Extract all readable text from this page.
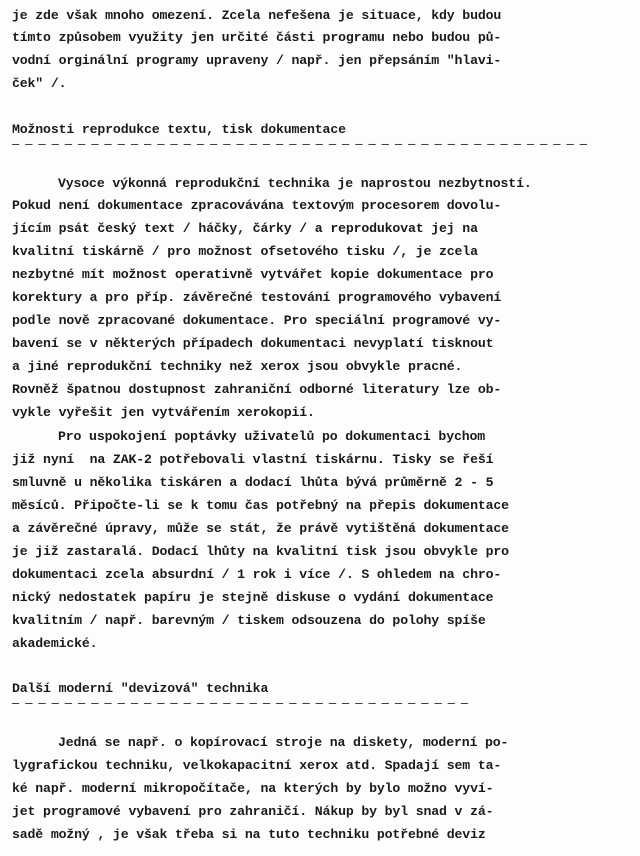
je zde však mnoho omezení. Zcela nefešena je situace, kdy budou
tímto způsobem využity jen určité části programu nebo budou pů-
vodní orginální programy upraveny / např. jen přepsáním "hlavi-
ček" /.
Možnosti reprodukce textu, tisk dokumentace
─ ─ ─ ─ ─ ─ ─ ─ ─ ─ ─ ─ ─ ─ ─ ─ ─ ─ ─ ─ ─ ─ ─ ─ ─ ─ ─ ─ ─ ─ ─ ─ ─ ─ ─ ─ ─ ─ ─ ─ ─ ─ ─ ─
Vysoce výkonná reprodukční technika je naprostou nezbytností.
Pokud není dokumentace zpracovávána textovým procesorem dovolu-
jícím psát český text / háčky, čárky / a reprodukovat jej na
kvalitní tiskárně / pro možnost ofsetového tisku /, je zcela
nezbytné mít možnost operativně vytvářet kopie dokumentace pro
korektury a pro příp. závěrečné testování programového vybavení
podle nově zpracované dokumentace. Pro speciální programové vy-
bavení se v některých případech dokumentaci nevyplatí tisknout
a jiné reprodukční techniky než xerox jsou obvykle pracné.
Rovněž špatnou dostupnost zahraniční odborné literatury lze ob-
vykle vyřešit jen vytvářením xerokopií.
Pro uspokojení poptávky uživatelů po dokumentaci bychom
již nyní  na ZAK-2 potřebovali vlastní tiskárnu. Tisky se řeší
smluvně u několika tiskáren a dodací lhůta bývá průměrně 2 - 5
měsíců. Připočte-li se k tomu čas potřebný na přepis dokumentace
a závěrečné úpravy, může se stát, že právě vytištěná dokumentace
je již zastaralá. Dodací lhůty na kvalitní tisk jsou obvykle pro
dokumentaci zcela absurdní / 1 rok i více /. S ohledem na chro-
nický nedostatek papíru je stejně diskuse o vydání dokumentace
kvalitním / např. barevným / tiskem odsouzena do polohy spíše
akademické.
Další moderní "devizová" technika
─ ─ ─ ─ ─ ─ ─ ─ ─ ─ ─ ─ ─ ─ ─ ─ ─ ─ ─ ─ ─ ─ ─ ─ ─ ─ ─ ─ ─ ─ ─ ─ ─ ─ ─
Jedná se např. o kopírovací stroje na diskety, moderní po-
lygrafickou techniku, velkokapacitní xerox atd. Spadají sem ta-
ké např. moderní mikropočítače, na kterých by bylo možno vyví-
jet programové vybavení pro zahraničí. Nákup by byl snad v zá-
sadě možný , je však třeba si na tuto techniku potřebné deviz
